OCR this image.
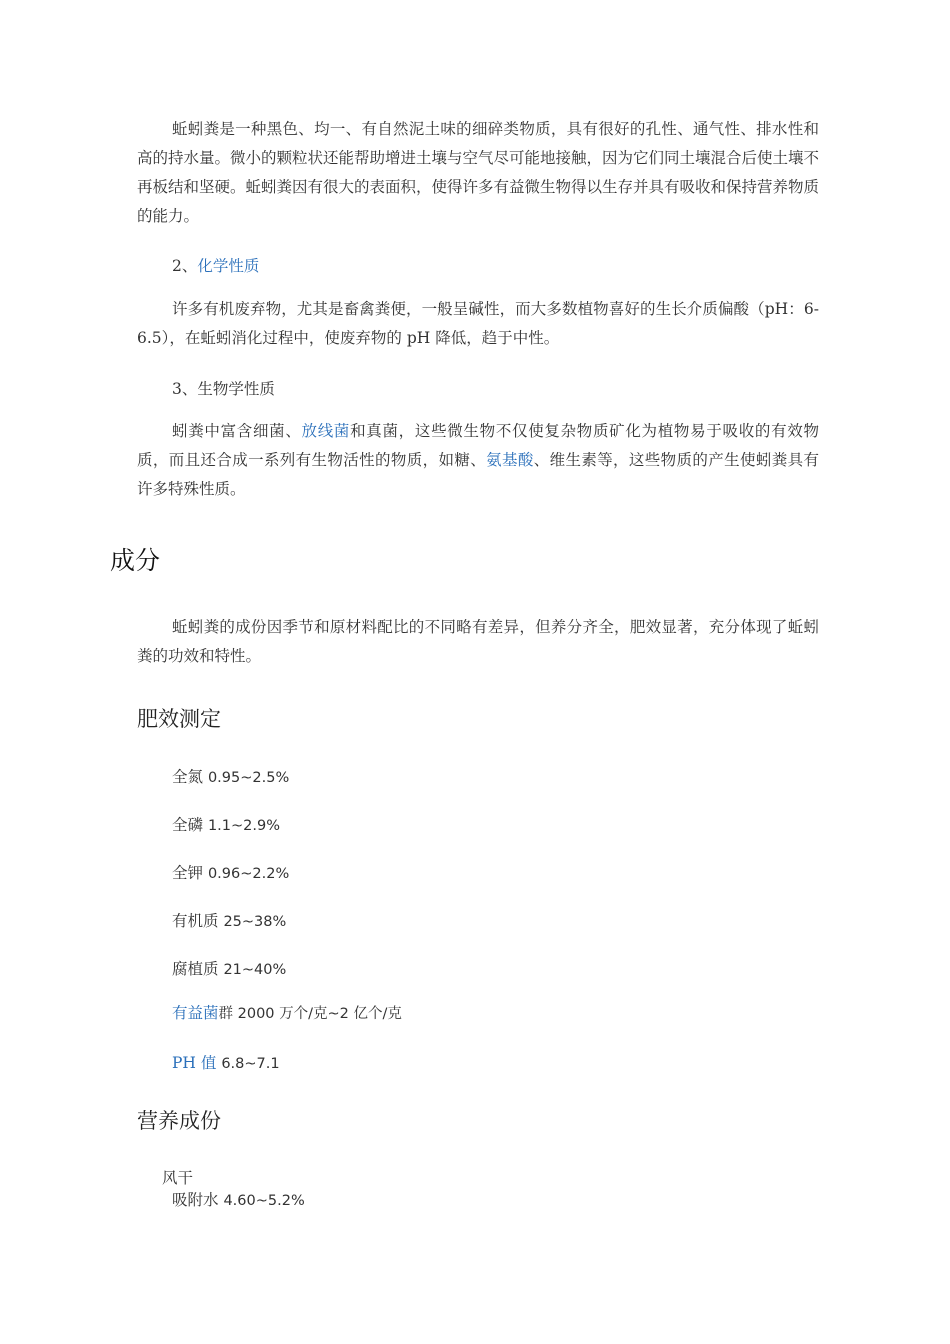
蚯蚓粪是一种黑色、均一、有自然泥土味的细碎类物质，具有很好的孔性、通气性、排水性和高的持水量。微小的颗粒状还能帮助增进土壤与空气尽可能地接触，因为它们同土壤混合后使土壤不再板结和坚硬。蚯蚓粪因有很大的表面积，使得许多有益微生物得以生存并具有吸收和保持营养物质的能力。

2、化学性质

许多有机废弃物，尤其是畜禽粪便，一般呈碱性，而大多数植物喜好的生长介质偏酸（pH：6-6.5），在蚯蚓消化过程中，使废弃物的 pH 降低，趋于中性。

3、生物学性质

蚓粪中富含细菌、放线菌和真菌，这些微生物不仅使复杂物质矿化为植物易于吸收的有效物质，而且还合成一系列有生物活性的物质，如糖、氨基酸、维生素等，这些物质的产生使蚓粪具有许多特殊性质。

成分

蚯蚓粪的成份因季节和原材料配比的不同略有差异，但养分齐全，肥效显著，充分体现了蚯蚓粪的功效和特性。

肥效测定

全氮 0.95~2.5%

全磷 1.1~2.9%

全钾 0.96~2.2%

有机质 25~38%

腐植质 21~40%

有益菌群 2000 万个/克~2 亿个/克

PH 值 6.8~7.1

营养成份

风干

吸附水 4.60~5.2%
